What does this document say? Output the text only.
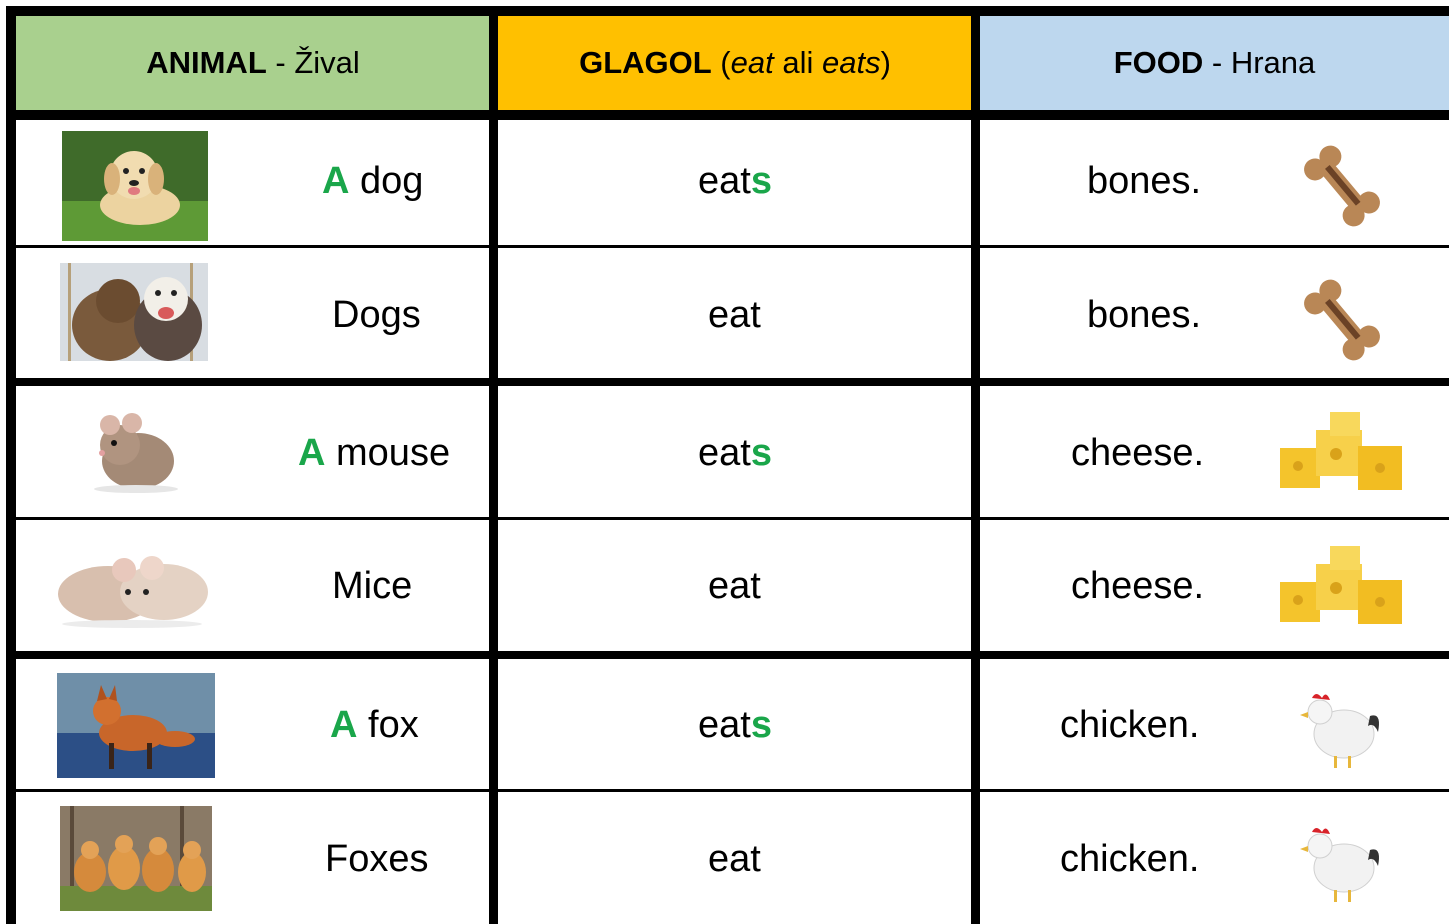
ANIMAL - Žival	GLAGOL (eat ali eats)	FOOD - Hrana
A dog	eats	bones.
Dogs	eat	bones.
A mouse	eats	cheese.
Mice	eat	cheese.
A fox	eats	chicken.
Foxes	eat	chicken.
